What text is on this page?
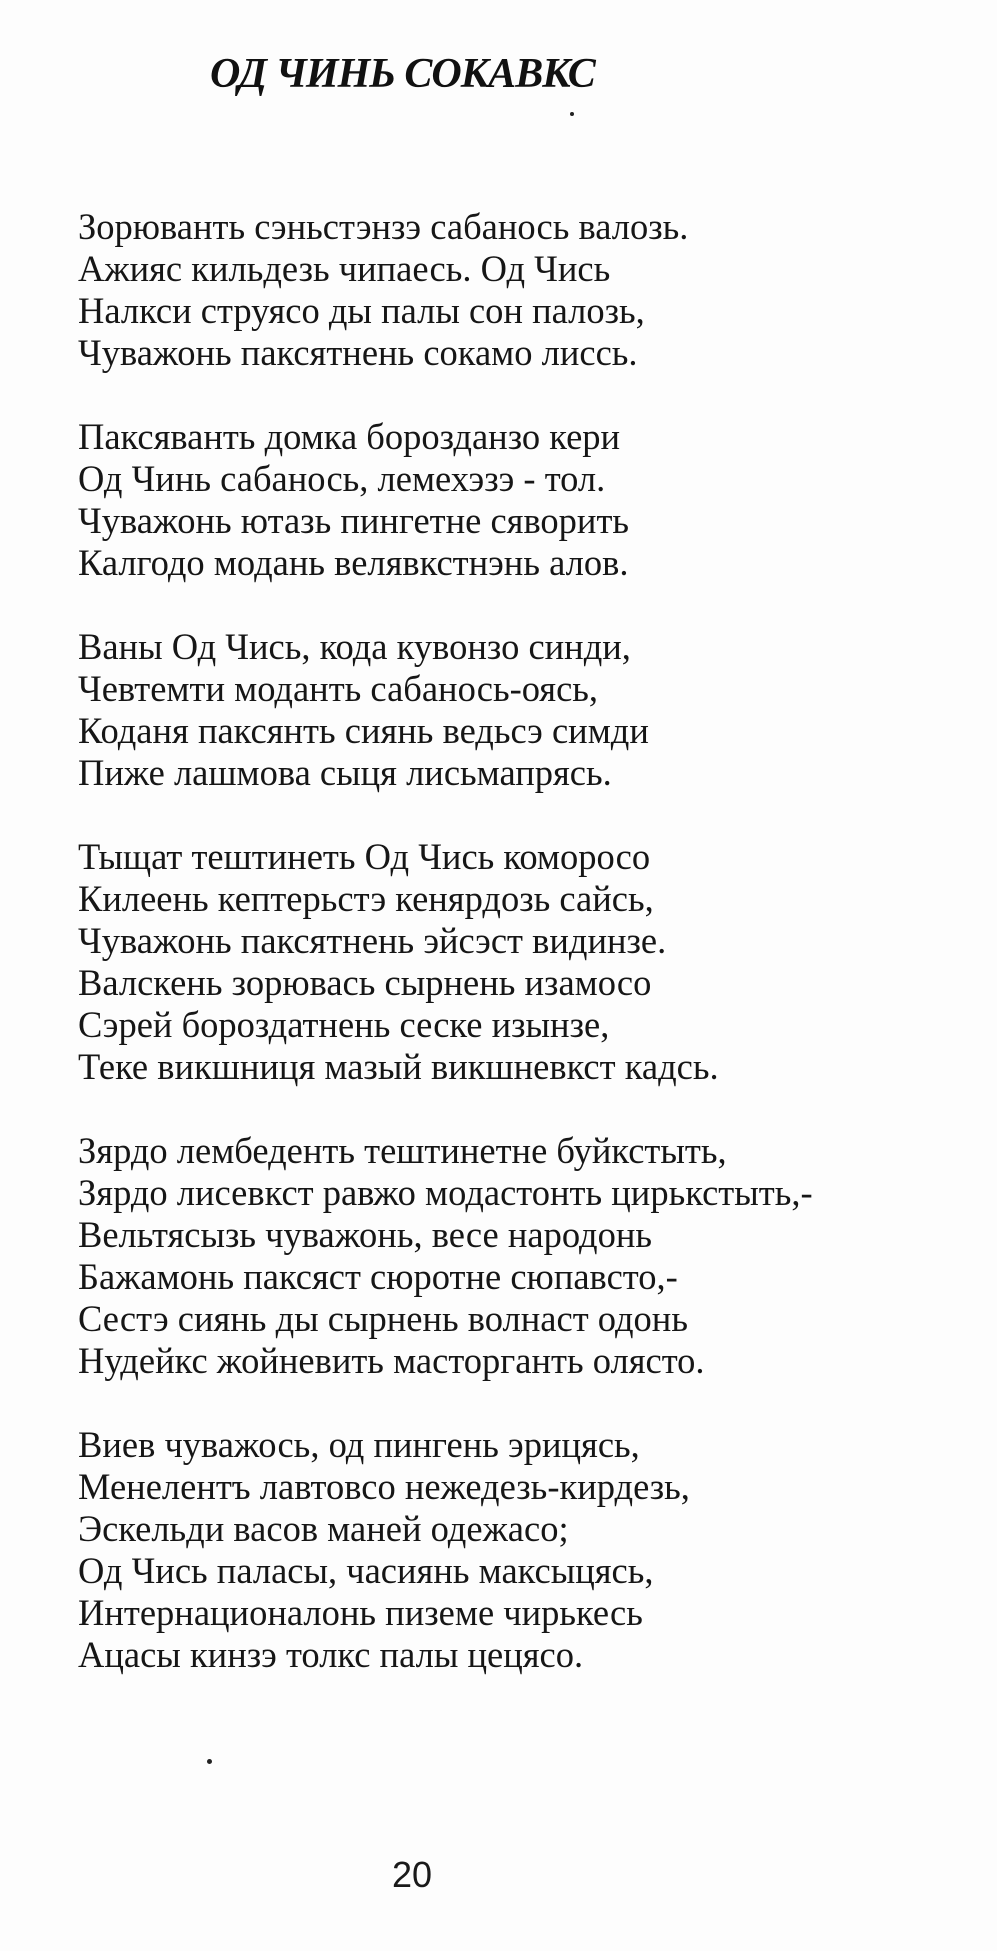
ОД ЧИНЬ СОКАВКС
Зорюванть сэньстэнзэ сабанось валозь.
Ажияс кильдезь чипаесь. Од Чись
Налкси струясо ды палы сон палозь,
Чуважонь паксятнень сокамо лиссь.
Паксяванть домка бороздaнзо кери
Од Чинь сабанось, лемехэзэ - тол.
Чуважонь ютазь пингетне сяворить
Калгодо модань велявкстнэнь алов.
Ваны Од Чись, кода кувонзо синди,
Чевтемти моданть сабанось-оясь,
Коданя паксянть сиянь ведьсэ симди
Пиже лашмова сыця лисьмапрясь.
Тыщат тештинеть Од Чись коморосо
Килеень кептерьстэ кенярдозь сайсь,
Чуважонь паксятнень эйсэст видинзе.
Валскень зорювась сырнень изамосо
Сэрей бороздатнень сеске изынзе,
Теке викшниця мазый викшневкст кадсь.
Зярдо лембеденть тештинетне буйкстыть,
Зярдо лисевкст равжо модастонть цирькстыть,-
Вельтясызь чуважонь, весе народонь
Бажамонь паксяст сюротне сюпавсто,-
Сестэ сиянь ды сырнень волнаст одонь
Нудейкс жойневить масторганть олясто.
Виев чуважось, од пингень эрицясь,
Менелентъ лавтовсо нежедезь-кирдезь,
Эскельди васов маней одежасо;
Од Чись паласы, часиянь максыцясь,
Интернационалонь пиземе чирькесь
Ацасы кинзэ толкс палы цецясо.
20
